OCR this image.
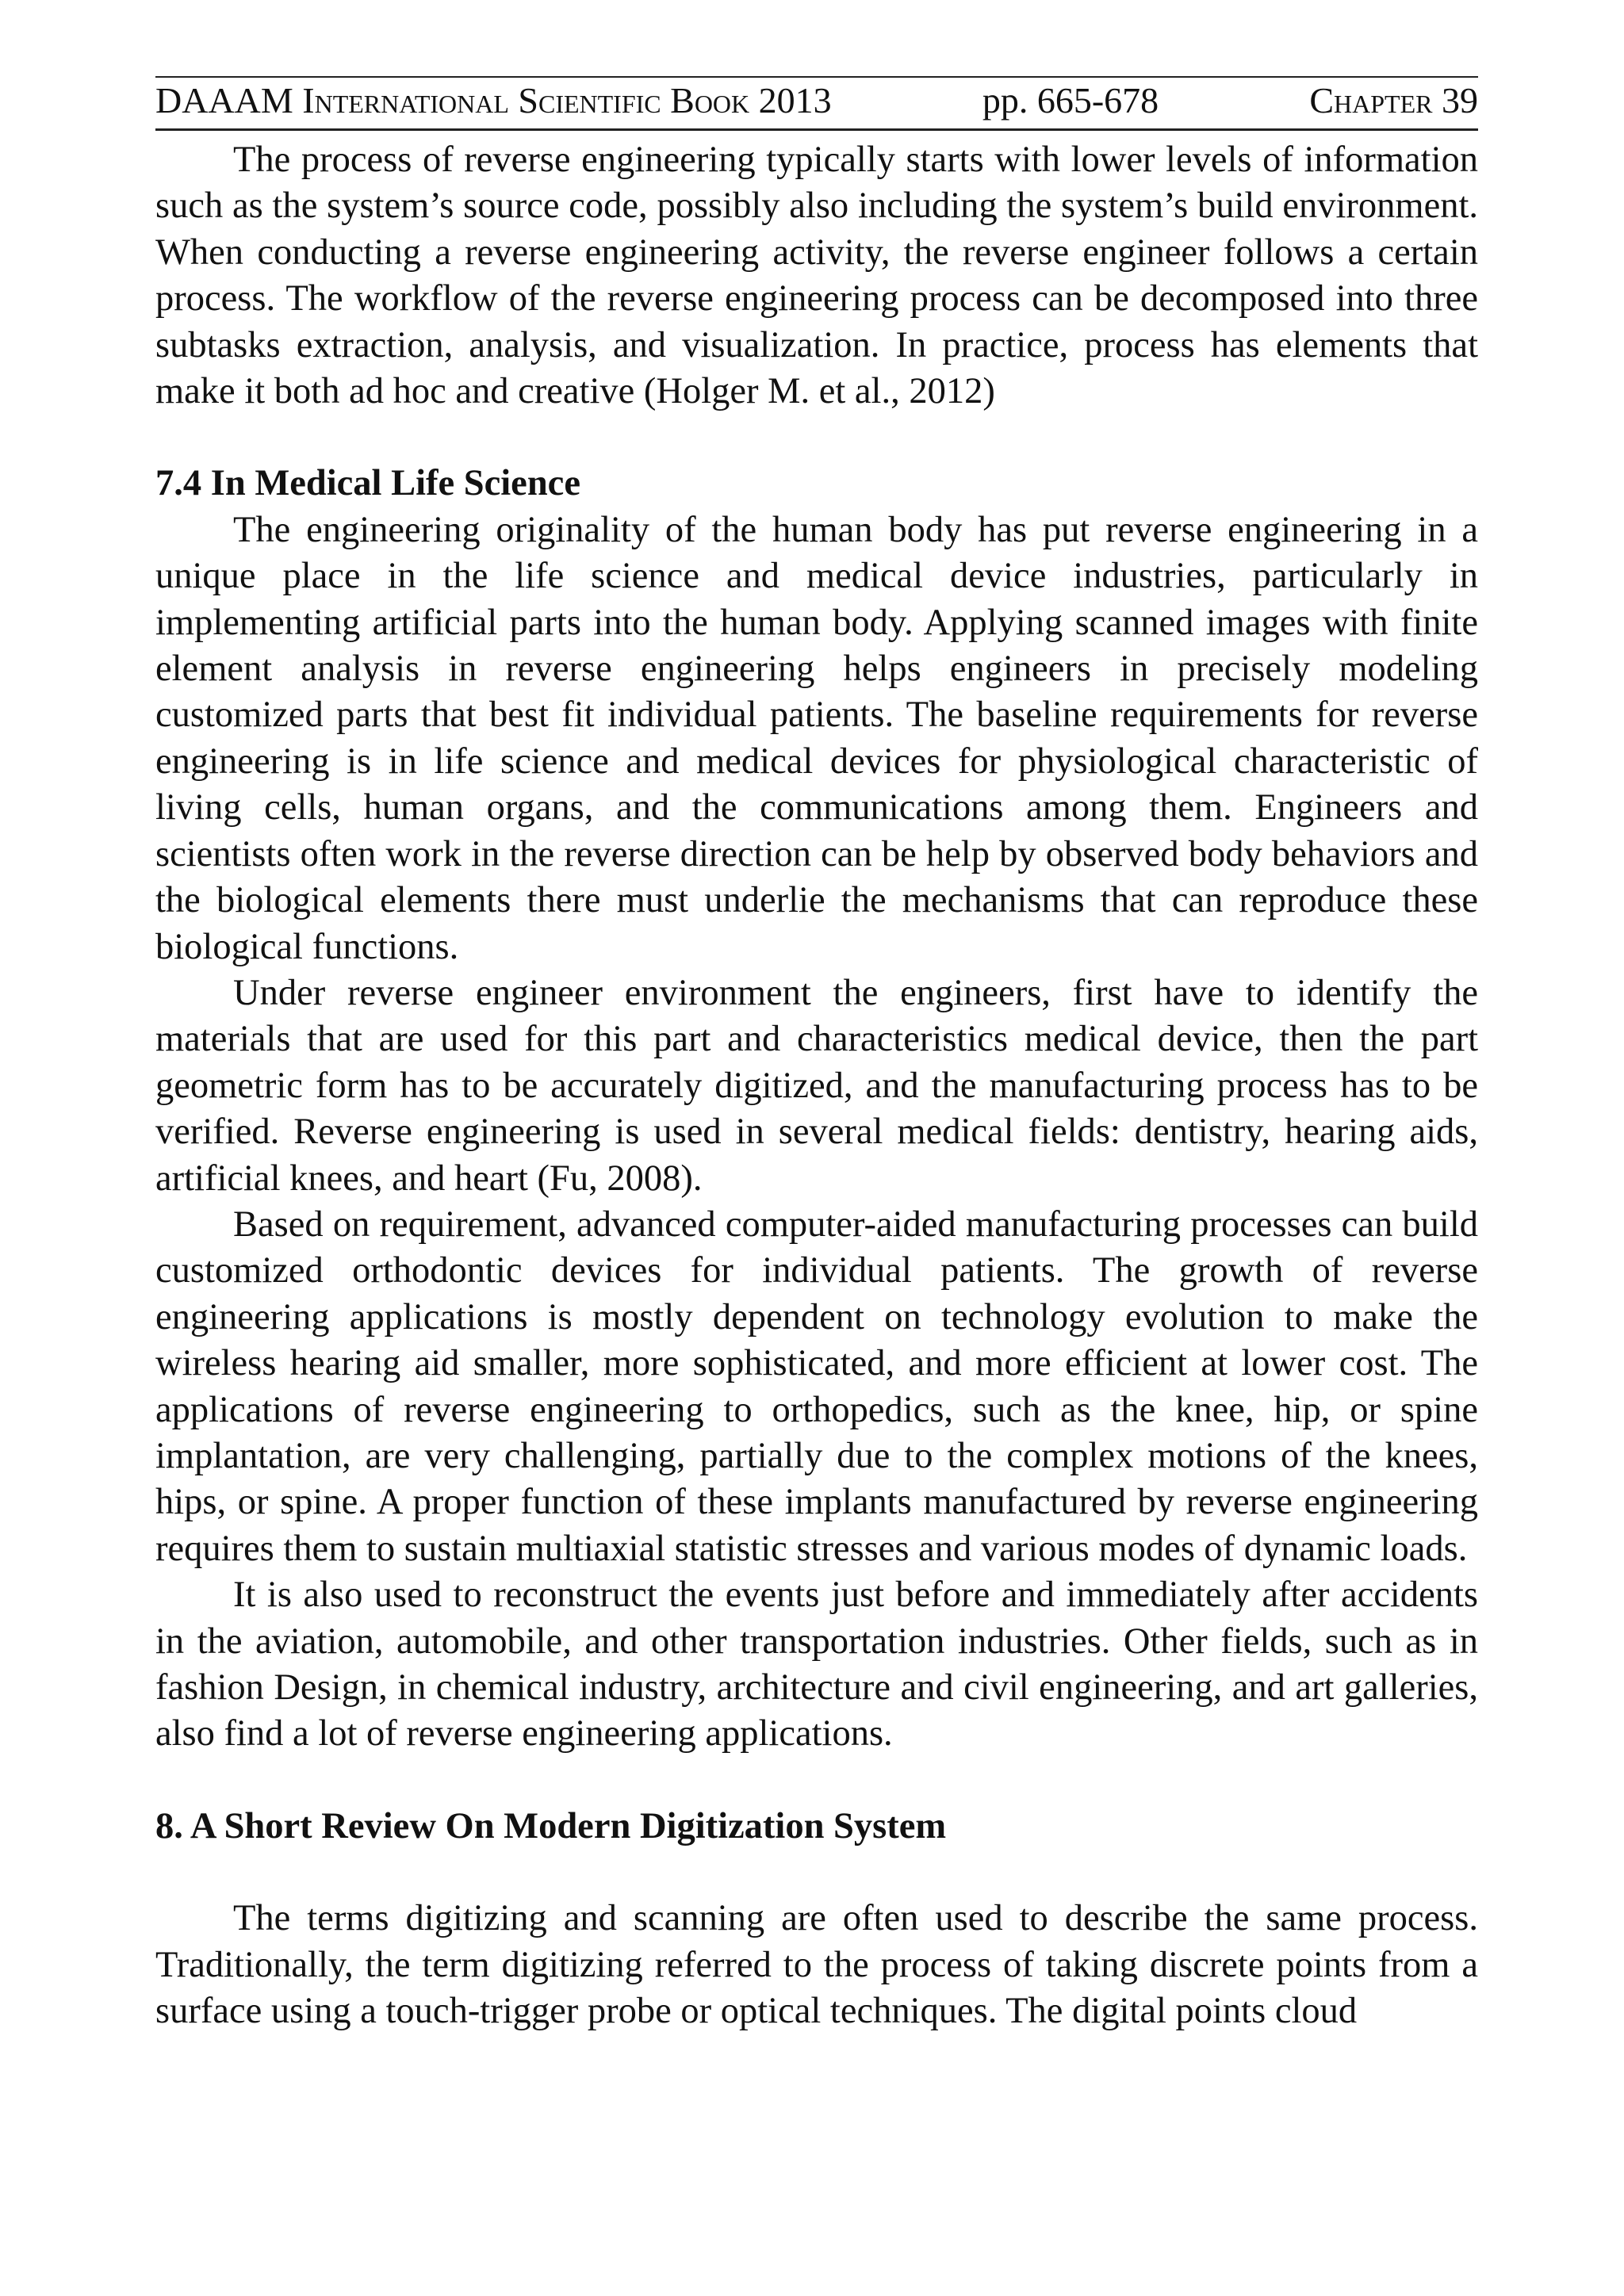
DAAAM International Scientific Book 2013	pp. 665-678	Chapter 39

The process of reverse engineering typically starts with lower levels of information such as the system’s source code, possibly also including the system’s build environment. When conducting a reverse engineering activity, the reverse engineer follows a certain process. The workflow of the reverse engineering process can be decomposed into three subtasks extraction, analysis, and visualization. In practice, process has elements that make it both ad hoc and creative (Holger M. et al., 2012)

7.4 In Medical Life Science

The engineering originality of the human body has put reverse engineering in a unique place in the life science and medical device industries, particularly in implementing artificial parts into the human body. Applying scanned images with finite element analysis in reverse engineering helps engineers in precisely modeling customized parts that best fit individual patients. The baseline requirements for reverse engineering is in life science and medical devices for physiological characteristic of living cells, human organs, and the communications among them. Engineers and scientists often work in the reverse direction can be help by observed body behaviors and the biological elements there must underlie the mechanisms that can reproduce these biological functions.

Under reverse engineer environment the engineers, first have to identify the materials that are used for this part and characteristics medical device, then the part geometric form has to be accurately digitized, and the manufacturing process has to be verified. Reverse engineering is used in several medical fields: dentistry, hearing aids, artificial knees, and heart (Fu, 2008).

Based on requirement, advanced computer-aided manufacturing processes can build customized orthodontic devices for individual patients. The growth of reverse engineering applications is mostly dependent on technology evolution to make the wireless hearing aid smaller, more sophisticated, and more efficient at lower cost. The applications of reverse engineering to orthopedics, such as the knee, hip, or spine implantation, are very challenging, partially due to the complex motions of the knees, hips, or spine. A proper function of these implants manufactured by reverse engineering requires them to sustain multiaxial statistic stresses and various modes of dynamic loads.

It is also used to reconstruct the events just before and immediately after accidents in the aviation, automobile, and other transportation industries. Other fields, such as in fashion Design, in chemical industry, architecture and civil engineering, and art galleries, also find a lot of reverse engineering applications.

8. A Short Review On Modern Digitization System

The terms digitizing and scanning are often used to describe the same process. Traditionally, the term digitizing referred to the process of taking discrete points from a surface using a touch-trigger probe or optical techniques. The digital points cloud
